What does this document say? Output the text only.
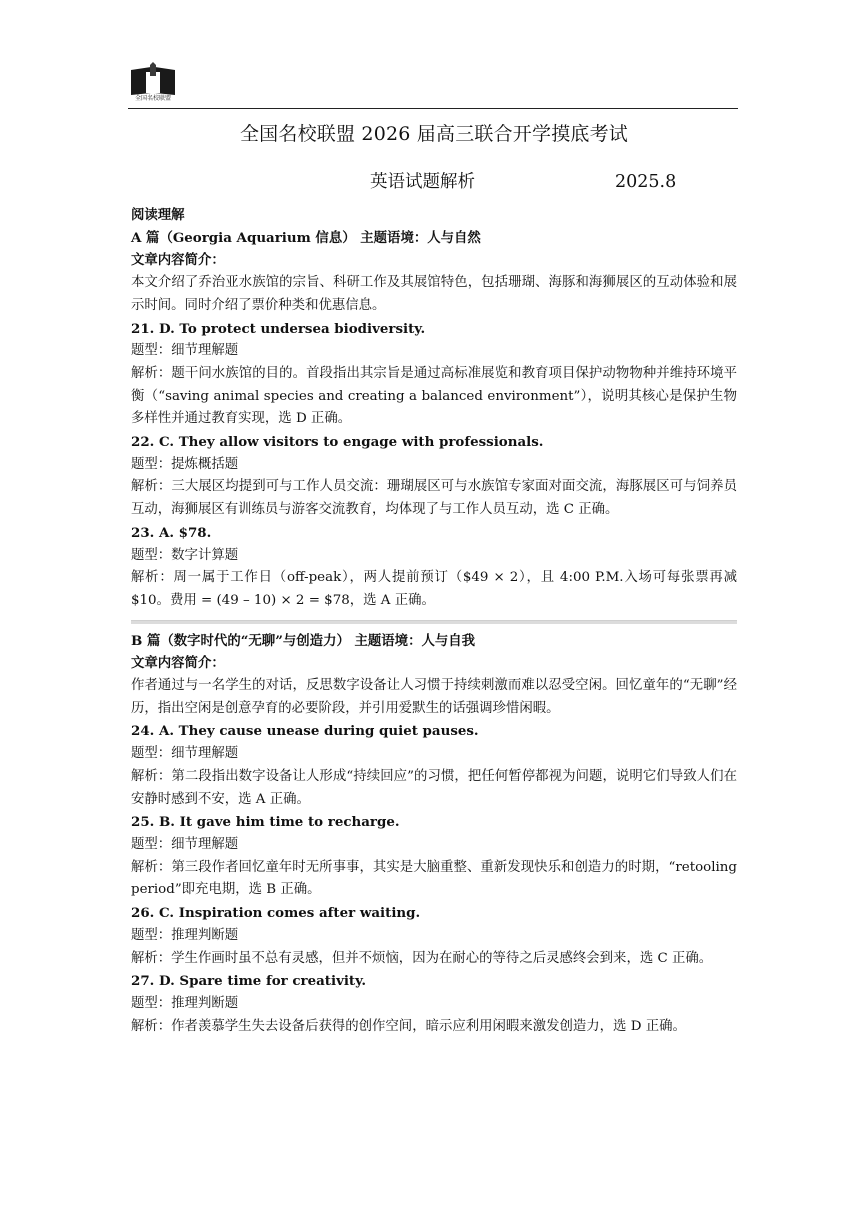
全国名校联盟
全国名校联盟 2026 届高三联合开学摸底考试
英语试题解析	2025.8

阅读理解

A 篇（Georgia Aquarium 信息） 主题语境：人与自然

文章内容简介：

本文介绍了乔治亚水族馆的宗旨、科研工作及其展馆特色，包括珊瑚、海豚和海狮展区的互动体验和展示时间。同时介绍了票价种类和优惠信息。

21. D. To protect undersea biodiversity.

题型：细节理解题

解析：题干问水族馆的目的。首段指出其宗旨是通过高标准展览和教育项目保护动物物种并维持环境平衡（“saving animal species and creating a balanced environment”），说明其核心是保护生物多样性并通过教育实现，选 D 正确。

22. C. They allow visitors to engage with professionals.

题型：提炼概括题

解析：三大展区均提到可与工作人员交流：珊瑚展区可与水族馆专家面对面交流，海豚展区可与饲养员互动，海狮展区有训练员与游客交流教育，均体现了与工作人员互动，选 C 正确。

23. A. $78.

题型：数字计算题

解析：周一属于工作日（off-peak），两人提前预订（$49 × 2），且 4:00 P.M.入场可每张票再减$10。费用 = (49 – 10) × 2 = $78，选 A 正确。

B 篇（数字时代的“无聊”与创造力） 主题语境：人与自我

文章内容简介：

作者通过与一名学生的对话，反思数字设备让人习惯于持续刺激而难以忍受空闲。回忆童年的“无聊”经历，指出空闲是创意孕育的必要阶段，并引用爱默生的话强调珍惜闲暇。

24. A. They cause unease during quiet pauses.

题型：细节理解题

解析：第二段指出数字设备让人形成“持续回应”的习惯，把任何暂停都视为问题，说明它们导致人们在安静时感到不安，选 A 正确。

25. B. It gave him time to recharge.

题型：细节理解题

解析：第三段作者回忆童年时无所事事，其实是大脑重整、重新发现快乐和创造力的时期，“retooling period”即充电期，选 B 正确。

26. C. Inspiration comes after waiting.

题型：推理判断题

解析：学生作画时虽不总有灵感，但并不烦恼，因为在耐心的等待之后灵感终会到来，选 C 正确。

27. D. Spare time for creativity.

题型：推理判断题

解析：作者羡慕学生失去设备后获得的创作空间，暗示应利用闲暇来激发创造力，选 D 正确。
